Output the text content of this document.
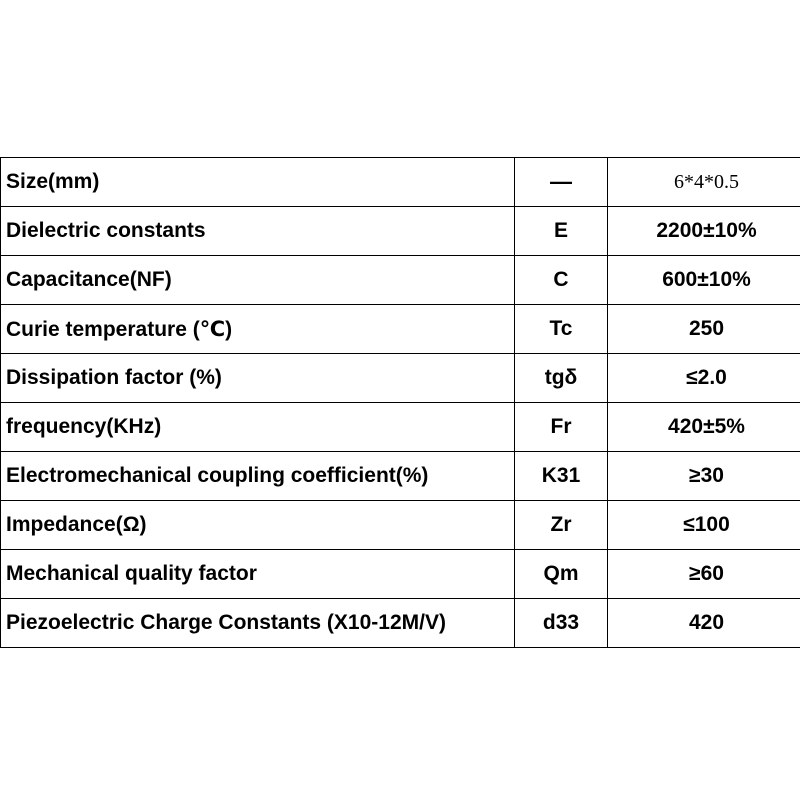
Size(mm)	—	6*4*0.5
Dielectric constants	E	2200±10%
Capacitance(NF)	C	600±10%
Curie temperature (℃)	Tc	250
Dissipation factor (%)	tgδ	≤2.0
frequency(KHz)	Fr	420±5%
Electromechanical coupling coefficient(%)	K31	≥30
Impedance(Ω)	Zr	≤100
Mechanical quality factor	Qm	≥60
Piezoelectric Charge Constants (X10-12M/V)	d33	420
